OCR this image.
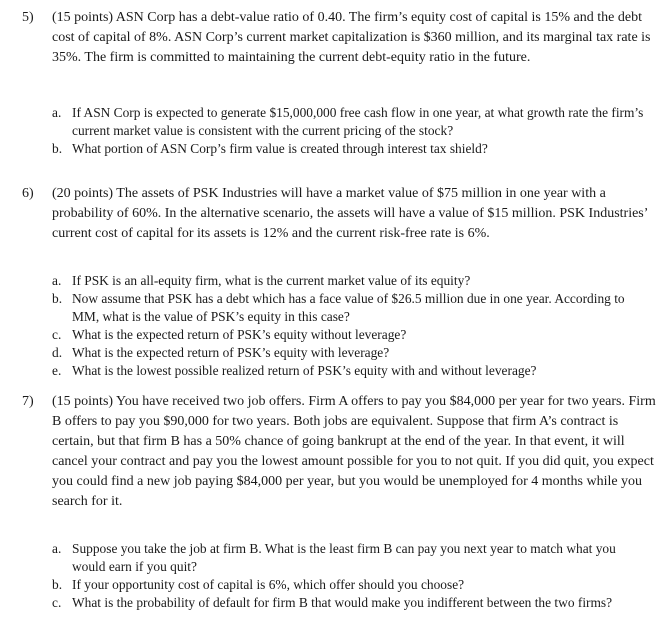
5) (15 points) ASN Corp has a debt-value ratio of 0.40. The firm’s equity cost of capital is 15% and the debt cost of capital of 8%. ASN Corp’s current market capitalization is $360 million, and its marginal tax rate is 35%. The firm is committed to maintaining the current debt-equity ratio in the future.
a. If ASN Corp is expected to generate $15,000,000 free cash flow in one year, at what growth rate the firm’s current market value is consistent with the current pricing of the stock?
b. What portion of ASN Corp’s firm value is created through interest tax shield?
6) (20 points) The assets of PSK Industries will have a market value of $75 million in one year with a probability of 60%. In the alternative scenario, the assets will have a value of $15 million. PSK Industries’ current cost of capital for its assets is 12% and the current risk-free rate is 6%.
a. If PSK is an all-equity firm, what is the current market value of its equity?
b. Now assume that PSK has a debt which has a face value of $26.5 million due in one year. According to MM, what is the value of PSK’s equity in this case?
c. What is the expected return of PSK’s equity without leverage?
d. What is the expected return of PSK’s equity with leverage?
e. What is the lowest possible realized return of PSK’s equity with and without leverage?
7) (15 points) You have received two job offers. Firm A offers to pay you $84,000 per year for two years. Firm B offers to pay you $90,000 for two years. Both jobs are equivalent. Suppose that firm A’s contract is certain, but that firm B has a 50% chance of going bankrupt at the end of the year. In that event, it will cancel your contract and pay you the lowest amount possible for you to not quit. If you did quit, you expect you could find a new job paying $84,000 per year, but you would be unemployed for 4 months while you search for it.
a. Suppose you take the job at firm B. What is the least firm B can pay you next year to match what you would earn if you quit?
b. If your opportunity cost of capital is 6%, which offer should you choose?
c. What is the probability of default for firm B that would make you indifferent between the two firms?
